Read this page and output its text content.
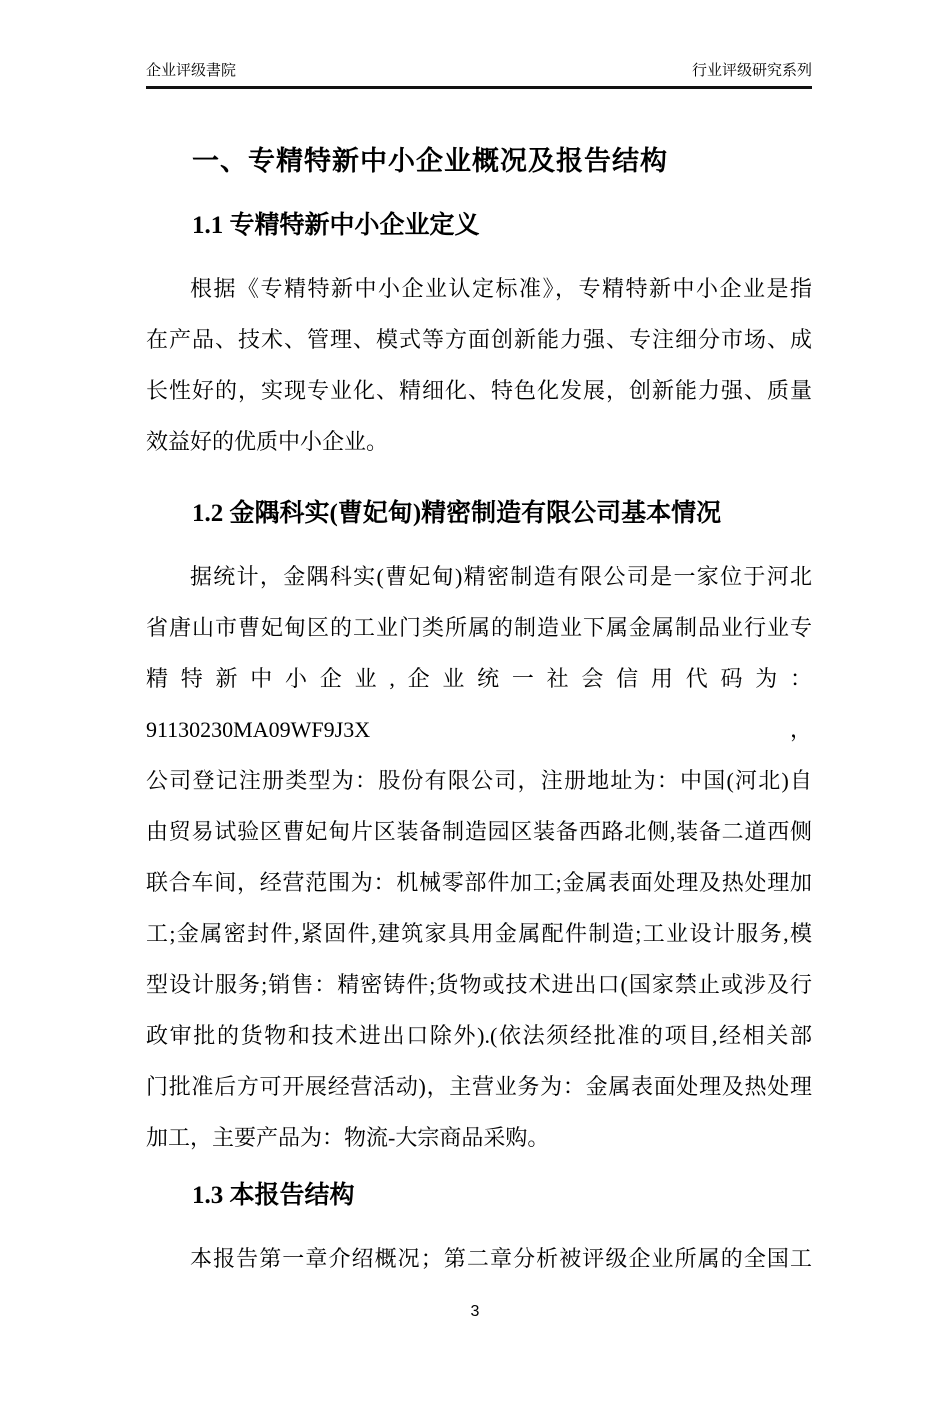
企业评级書院	行业评级研究系列
一、专精特新中小企业概况及报告结构
1.1 专精特新中小企业定义
根据《专精特新中小企业认定标准》，专精特新中小企业是指
在产品、技术、管理、模式等方面创新能力强、专注细分市场、成
长性好的，实现专业化、精细化、特色化发展，创新能力强、质量
效益好的优质中小企业。
1.2 金隅科实(曹妃甸)精密制造有限公司基本情况
据统计，金隅科实(曹妃甸)精密制造有限公司是一家位于河北
省唐山市曹妃甸区的工业门类所属的制造业下属金属制品业行业专
精特新中小企业,企业统一社会信用代码为：91130230MA09WF9J3X，
公司登记注册类型为：股份有限公司，注册地址为：中国(河北)自
由贸易试验区曹妃甸片区装备制造园区装备西路北侧,装备二道西侧
联合车间，经营范围为：机械零部件加工;金属表面处理及热处理加
工;金属密封件,紧固件,建筑家具用金属配件制造;工业设计服务,模
型设计服务;销售：精密铸件;货物或技术进出口(国家禁止或涉及行
政审批的货物和技术进出口除外).(依法须经批准的项目,经相关部
门批准后方可开展经营活动)，主营业务为：金属表面处理及热处理
加工，主要产品为：物流-大宗商品采购。
1.3 本报告结构
本报告第一章介绍概况；第二章分析被评级企业所属的全国工
3
